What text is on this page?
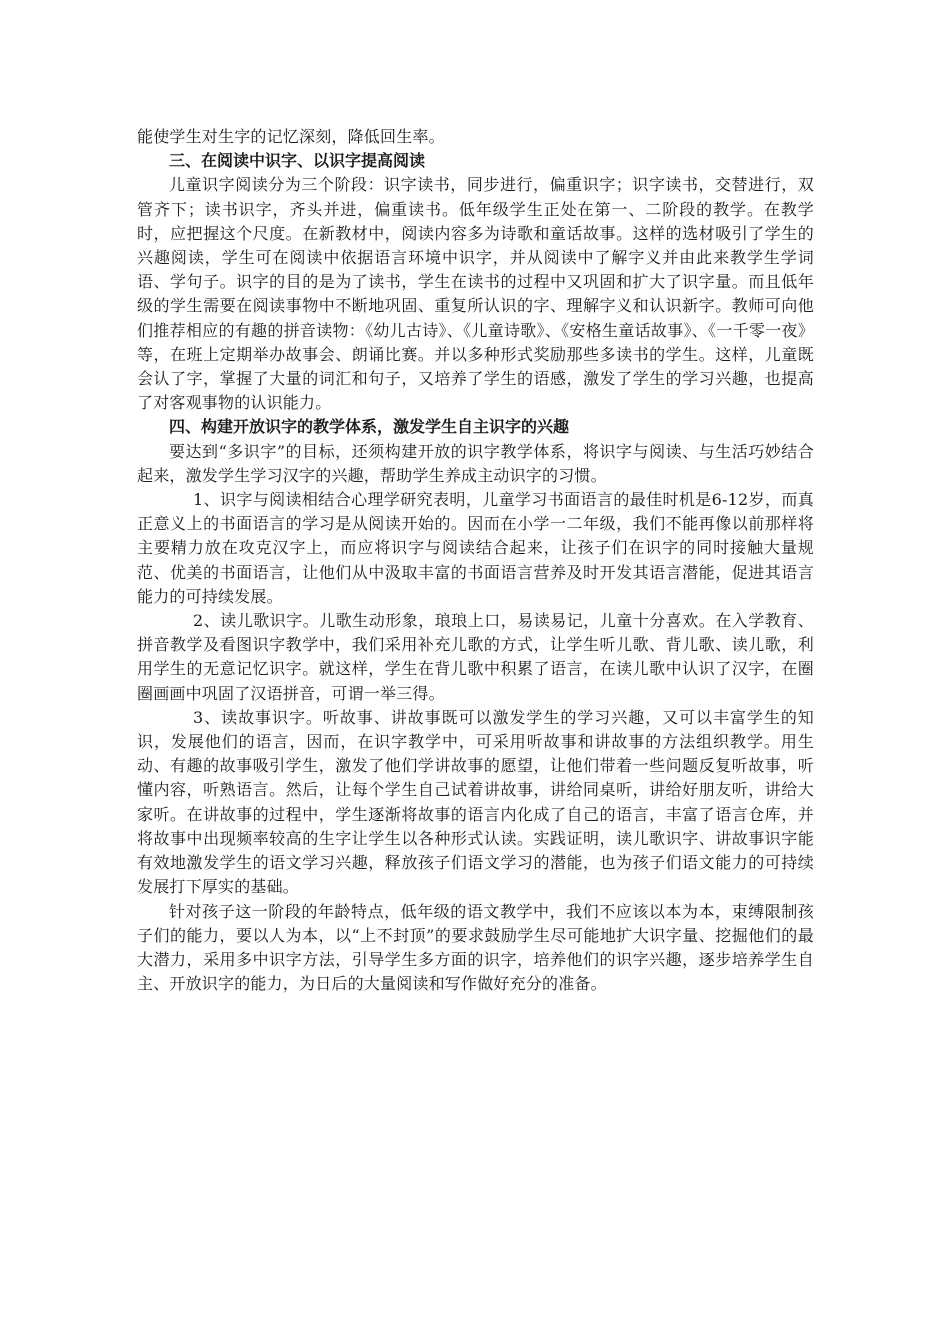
能使学生对生字的记忆深刻，降低回生率。

三、在阅读中识字、以识字提高阅读

儿童识字阅读分为三个阶段：识字读书，同步进行，偏重识字；识字读书，交替进行，双管齐下；读书识字，齐头并进，偏重读书。低年级学生正处在第一、二阶段的教学。在教学时，应把握这个尺度。在新教材中，阅读内容多为诗歌和童话故事。这样的选材吸引了学生的兴趣阅读，学生可在阅读中依据语言环境中识字，并从阅读中了解字义并由此来教学生学词语、学句子。识字的目的是为了读书，学生在读书的过程中又巩固和扩大了识字量。而且低年级的学生需要在阅读事物中不断地巩固、重复所认识的字、理解字义和认识新字。教师可向他们推荐相应的有趣的拼音读物：《幼儿古诗》、《儿童诗歌》、《安格生童话故事》、《一千零一夜》等，在班上定期举办故事会、朗诵比赛。并以多种形式奖励那些多读书的学生。这样，儿童既会认了字，掌握了大量的词汇和句子，又培养了学生的语感，激发了学生的学习兴趣，也提高了对客观事物的认识能力。

四、构建开放识字的教学体系，激发学生自主识字的兴趣

要达到“多识字”的目标，还须构建开放的识字教学体系，将识字与阅读、与生活巧妙结合起来，激发学生学习汉字的兴趣，帮助学生养成主动识字的习惯。

1、识字与阅读相结合心理学研究表明，儿童学习书面语言的最佳时机是6-12岁，而真正意义上的书面语言的学习是从阅读开始的。因而在小学一二年级，我们不能再像以前那样将主要精力放在攻克汉字上，而应将识字与阅读结合起来，让孩子们在识字的同时接触大量规范、优美的书面语言，让他们从中汲取丰富的书面语言营养及时开发其语言潜能，促进其语言能力的可持续发展。

2、读儿歌识字。儿歌生动形象，琅琅上口，易读易记，儿童十分喜欢。在入学教育、拼音教学及看图识字教学中，我们采用补充儿歌的方式，让学生听儿歌、背儿歌、读儿歌，利用学生的无意记忆识字。就这样，学生在背儿歌中积累了语言，在读儿歌中认识了汉字，在圈圈画画中巩固了汉语拼音，可谓一举三得。

3、读故事识字。听故事、讲故事既可以激发学生的学习兴趣，又可以丰富学生的知识，发展他们的语言，因而，在识字教学中，可采用听故事和讲故事的方法组织教学。用生动、有趣的故事吸引学生，激发了他们学讲故事的愿望，让他们带着一些问题反复听故事，听懂内容，听熟语言。然后，让每个学生自己试着讲故事，讲给同桌听，讲给好朋友听，讲给大家听。在讲故事的过程中，学生逐渐将故事的语言内化成了自己的语言，丰富了语言仓库，并将故事中出现频率较高的生字让学生以各种形式认读。实践证明，读儿歌识字、讲故事识字能有效地激发学生的语文学习兴趣，释放孩子们语文学习的潜能，也为孩子们语文能力的可持续发展打下厚实的基础。

针对孩子这一阶段的年龄特点，低年级的语文教学中，我们不应该以本为本，束缚限制孩子们的能力，要以人为本，以“上不封顶”的要求鼓励学生尽可能地扩大识字量、挖掘他们的最大潜力，采用多中识字方法，引导学生多方面的识字，培养他们的识字兴趣，逐步培养学生自主、开放识字的能力，为日后的大量阅读和写作做好充分的准备。
